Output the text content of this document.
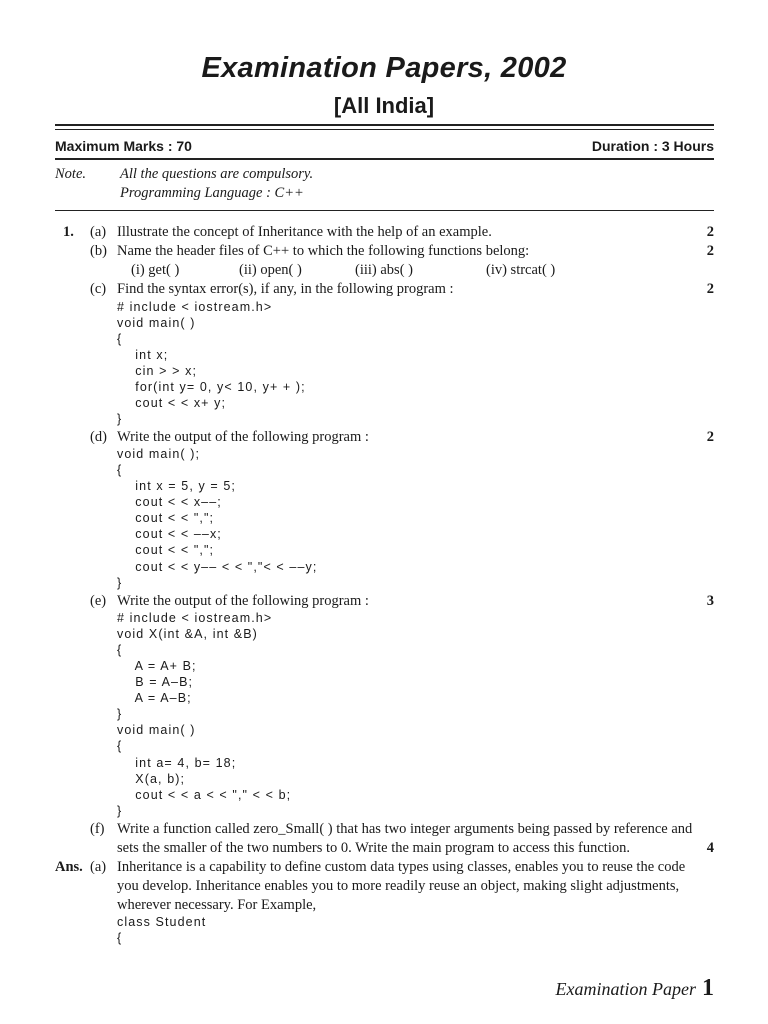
Examination Papers, 2002
[All India]
Maximum Marks : 70	Duration : 3 Hours
Note. All the questions are compulsory.
Programming Language : C++
1. (a) Illustrate the concept of Inheritance with the help of an example.	2
(b) Name the header files of C++ to which the following functions belong:	2
(i) get( )	(ii) open( )	(iii) abs( )	(iv) strcat( )
(c) Find the syntax error(s), if any, in the following program :	2
# include < iostream.h>
void main( )
{
int x;
cin > > x;
for(int y= 0, y< 10, y+ + );
cout < < x+ y;
}
(d) Write the output of the following program :	2
void main( );
{
int x = 5, y = 5;
cout < < x––;
cout < < ",";
cout < < ––x;
cout < < ",";
cout < < y–– < < ","< < ––y;
}
(e) Write the output of the following program :	3
# include < iostream.h>
void X(int &A, int &B)
{
A = A+ B;
B = A–B;
A = A–B;
}
void main( )
{
int a= 4, b= 18;
X(a, b);
cout < < a < < "," < < b;
}
(f) Write a function called zero_Small( ) that has two integer arguments being passed by reference and
sets the smaller of the two numbers to 0. Write the main program to access this function.	4
Ans. (a) Inheritance is a capability to define custom data types using classes, enables you to reuse the code
you develop. Inheritance enables you to more readily reuse an object, making slight adjustments,
wherever necessary. For Example,
class Student
{
Examination Paper 1
